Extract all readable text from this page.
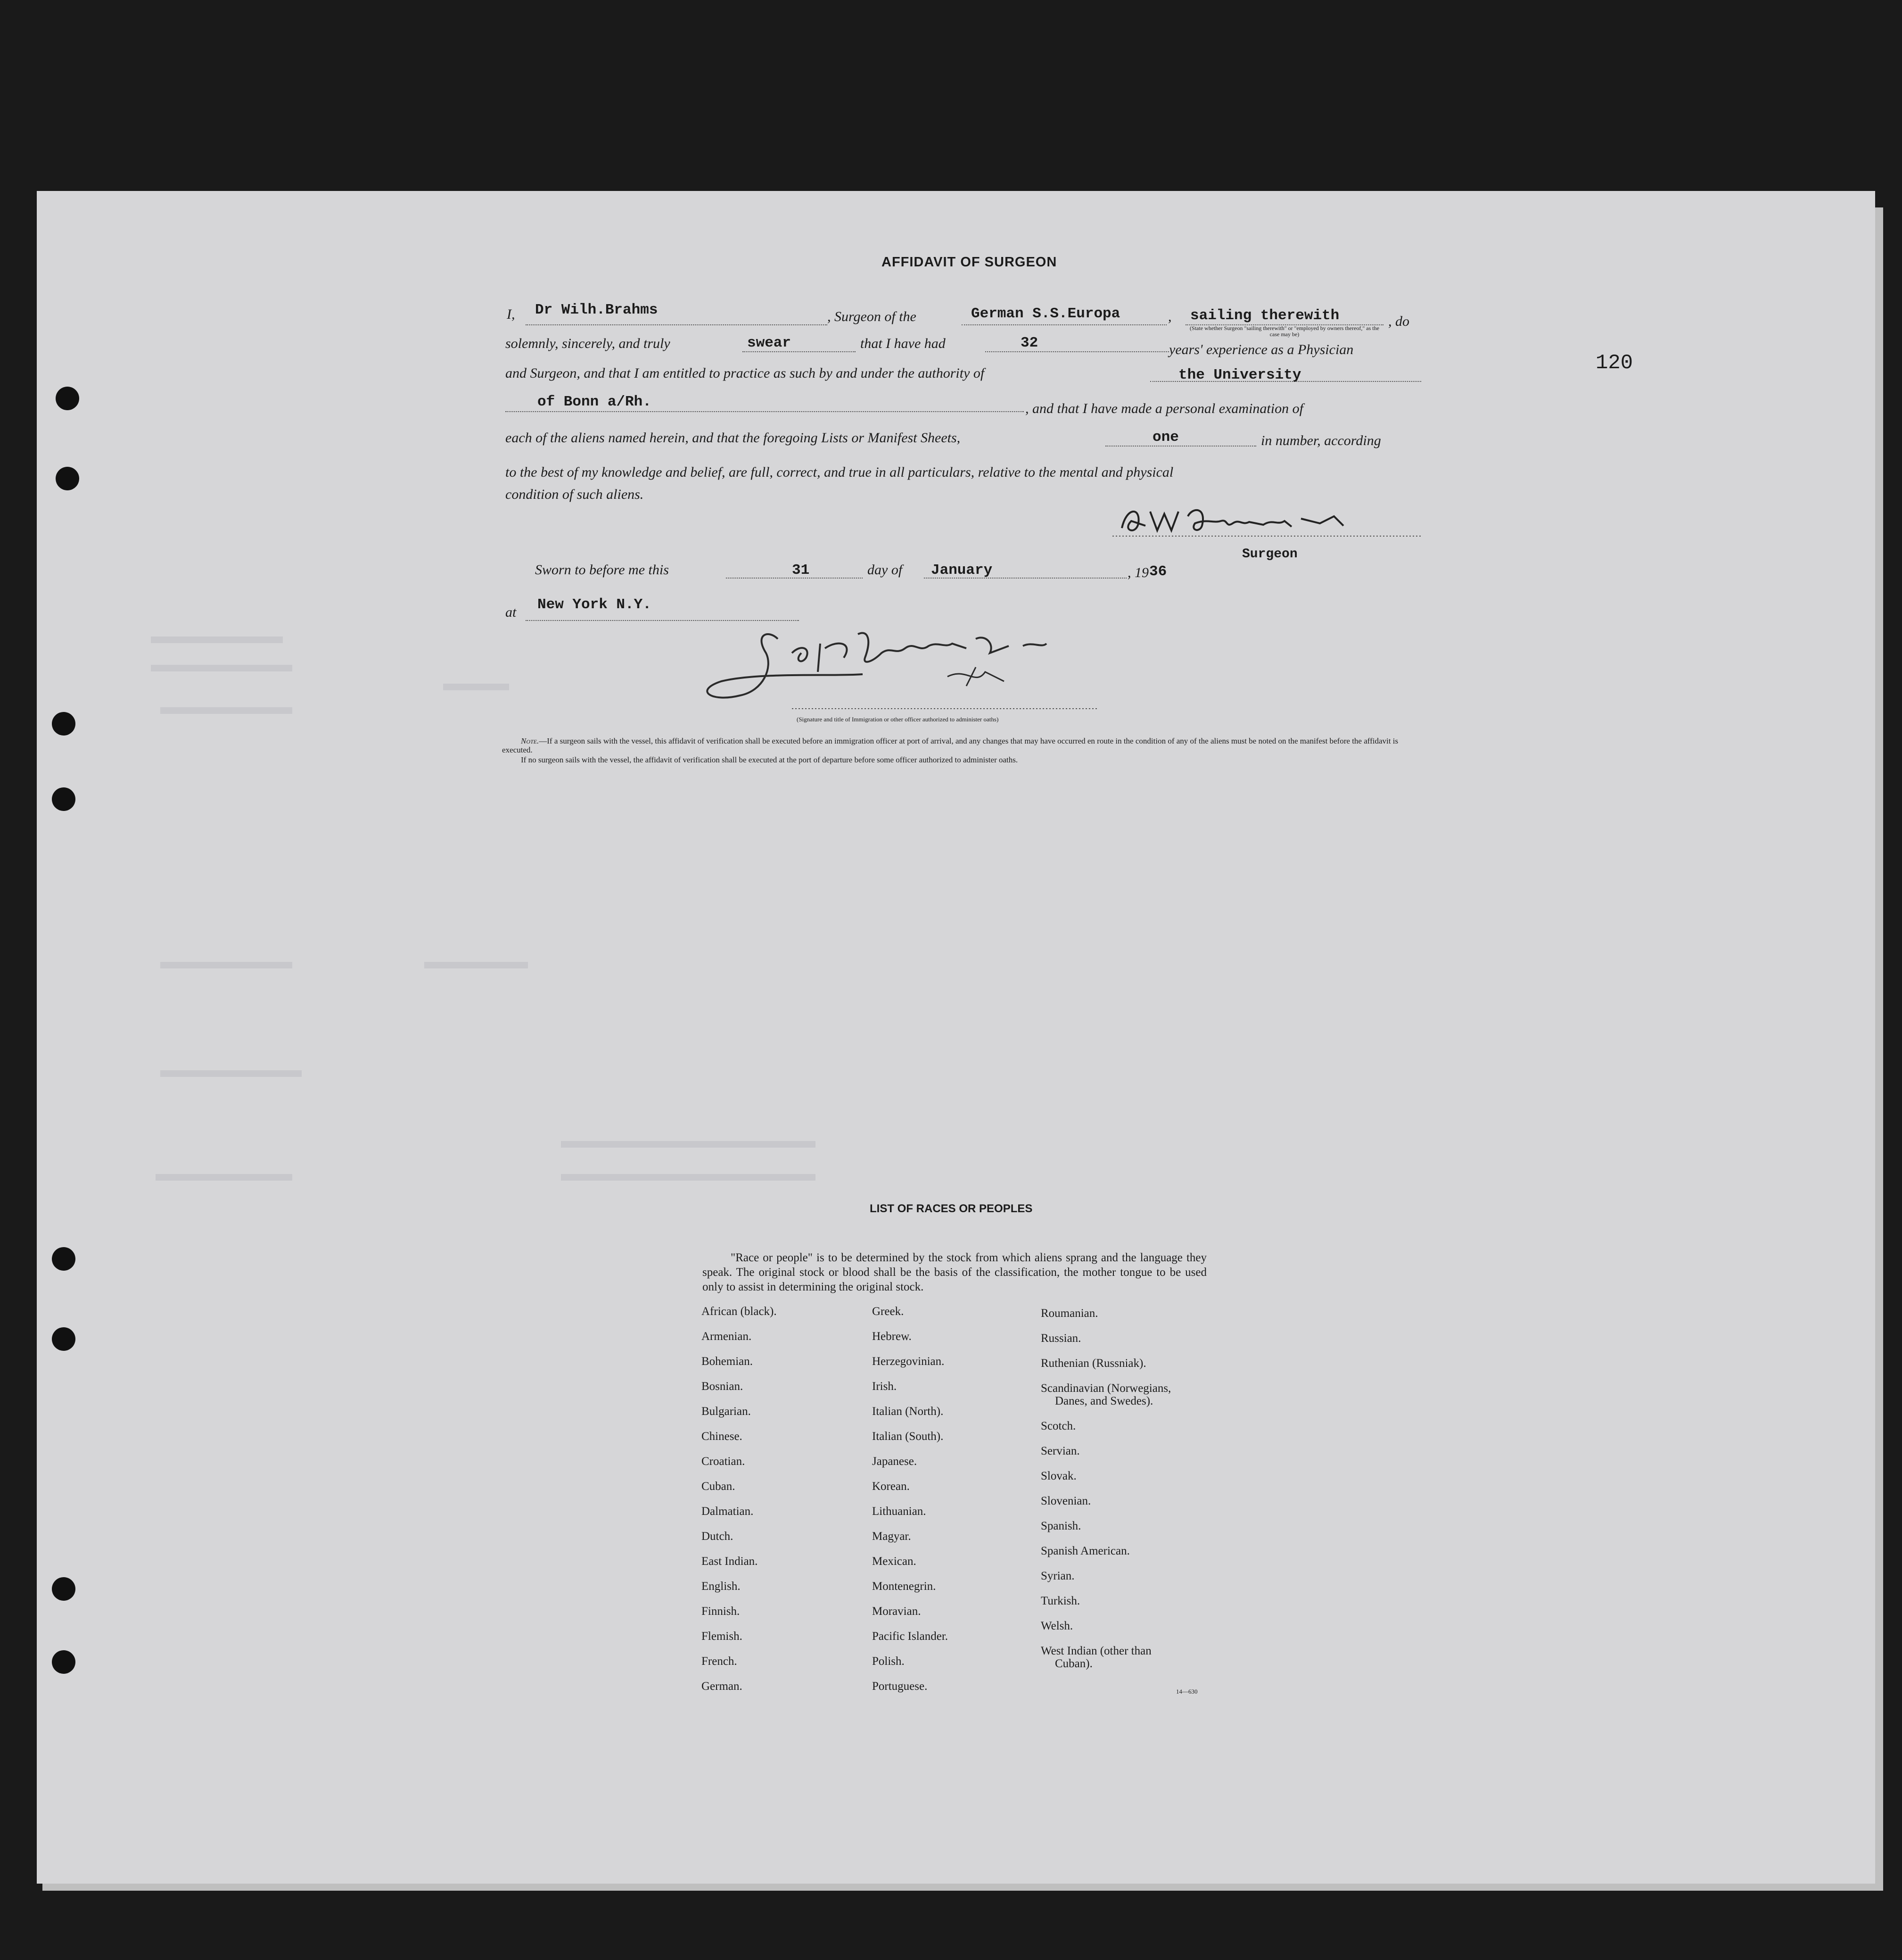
120
AFFIDAVIT OF SURGEON
I, Dr Wilh.Brahms	, Surgeon of the	German S.S.Europa	, sailing therewith
(State whether Surgeon "sailing therewith" or "employed by owners thereof," as the case may be)
, do
solemnly, sincerely, and truly	swear	that I have had	32	years' experience as a Physician
and Surgeon, and that I am entitled to practice as such by and under the authority of	the University
of Bonn a/Rh.	, and that I have made a personal examination of
each of the aliens named herein, and that the foregoing Lists or Manifest Sheets,	one	in number, according
to the best of my knowledge and belief, are full, correct, and true in all particulars, relative to the mental and physical
condition of such aliens.
Surgeon
Sworn to before me this	31	day of January	, 19 36
at New York N.Y.
(Signature and title of Immigration or other officer authorized to administer oaths)
Note.—If a surgeon sails with the vessel, this affidavit of verification shall be executed before an immigration officer at port of arrival, and any changes that may have occurred en route in the condition of any of the aliens must be noted on the manifest before the affidavit is executed.
If no surgeon sails with the vessel, the affidavit of verification shall be executed at the port of departure before some officer authorized to administer oaths.
LIST OF RACES OR PEOPLES
"Race or people" is to be determined by the stock from which aliens sprang and the language they speak. The original stock or blood shall be the basis of the classification, the mother tongue to be used only to assist in determining the original stock.
African (black).
Armenian.
Bohemian.
Bosnian.
Bulgarian.
Chinese.
Croatian.
Cuban.
Dalmatian.
Dutch.
East Indian.
English.
Finnish.
Flemish.
French.
German.
Greek.
Hebrew.
Herzegovinian.
Irish.
Italian (North).
Italian (South).
Japanese.
Korean.
Lithuanian.
Magyar.
Mexican.
Montenegrin.
Moravian.
Pacific Islander.
Polish.
Portuguese.
Roumanian.
Russian.
Ruthenian (Russniak).
Scandinavian (Norwegians,
Danes, and Swedes).
Scotch.
Servian.
Slovak.
Slovenian.
Spanish.
Spanish American.
Syrian.
Turkish.
Welsh.
West Indian (other than
Cuban).
14—630
